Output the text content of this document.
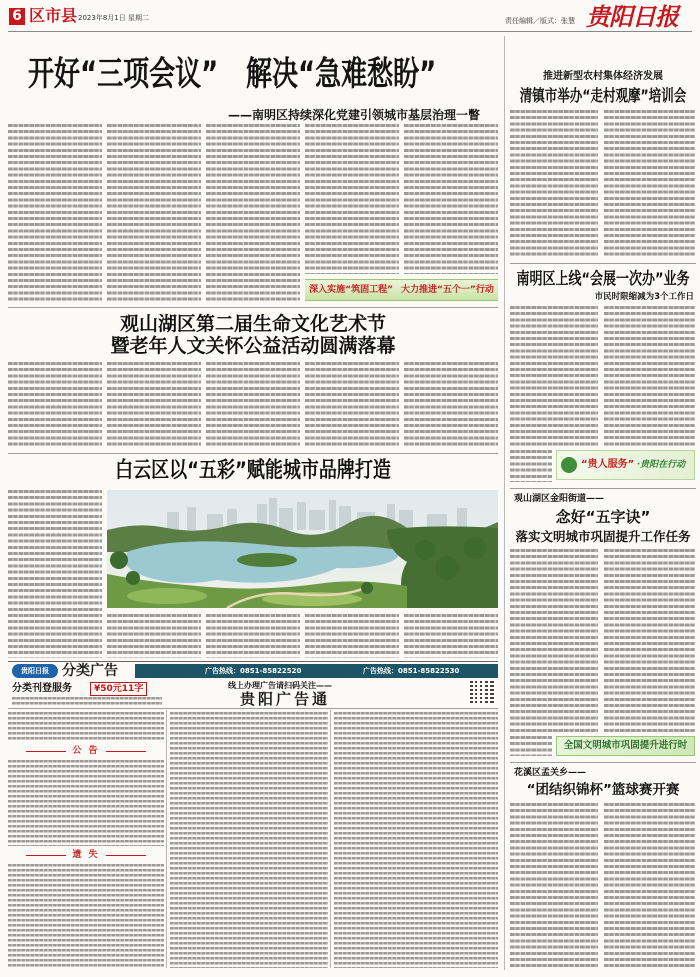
6 区市县 2023年8月1日 星期二	责任编辑／版式：张慧 贵阳日报
开好“三项会议” 解决“急难愁盼”
——南明区持续深化党建引领城市基层治理一瞥
深入实施“筑固工程” 大力推进“五个一”行动
观山湖区第二届生命文化艺术节
暨老年人文关怀公益活动圆满落幕
白云区以“五彩”赋能城市品牌打造
贵阳日报 分类广告	广告热线：0851-85822520	广告热线：0851-85822530
分类刊登服务	¥50元11字	线上办理广告请扫码关注——
贵阳广告通
公 告
遗 失
推进新型农村集体经济发展
清镇市举办“走村观摩”培训会
南明区上线“会展一次办”业务
市民时限缩减为3个工作日
“贵人服务” ·贵阳在行动
观山湖区金阳街道——
念好“五字诀”
落实文明城市巩固提升工作任务
全国文明城市巩固提升进行时
花溪区孟关乡——
“团结织锦杯”篮球赛开赛
